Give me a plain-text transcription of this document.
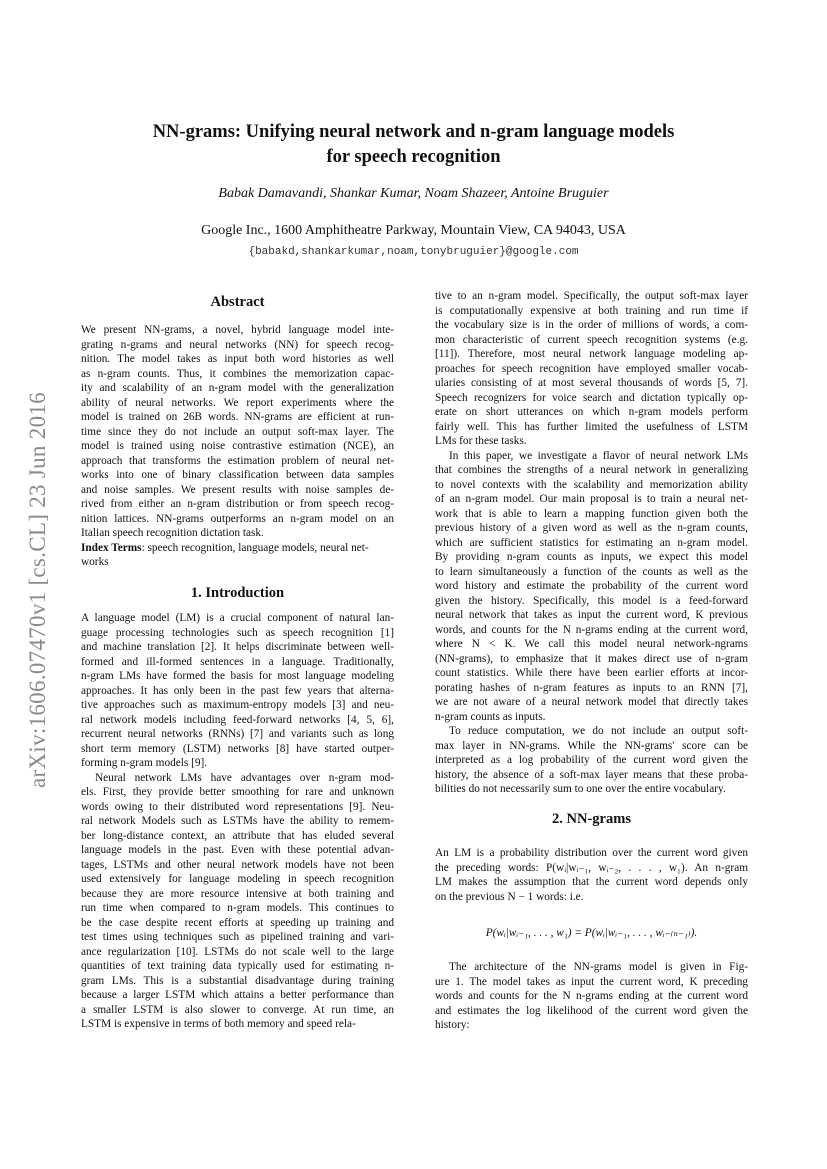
NN-grams: Unifying neural network and n-gram language models
for speech recognition
Babak Damavandi, Shankar Kumar, Noam Shazeer, Antoine Bruguier
Google Inc., 1600 Amphitheatre Parkway, Mountain View, CA 94043, USA
{babakd,shankarkumar,noam,tonybruguier}@google.com
arXiv:1606.07470v1 [cs.CL] 23 Jun 2016
Abstract
We present NN-grams, a novel, hybrid language model inte-
grating n-grams and neural networks (NN) for speech recog-
nition. The model takes as input both word histories as well
as n-gram counts. Thus, it combines the memorization capac-
ity and scalability of an n-gram model with the generalization
ability of neural networks. We report experiments where the
model is trained on 26B words. NN-grams are efficient at run-
time since they do not include an output soft-max layer. The
model is trained using noise contrastive estimation (NCE), an
approach that transforms the estimation problem of neural net-
works into one of binary classification between data samples
and noise samples. We present results with noise samples de-
rived from either an n-gram distribution or from speech recog-
nition lattices. NN-grams outperforms an n-gram model on an
Italian speech recognition dictation task.
Index Terms: speech recognition, language models, neural net-
works
1. Introduction
A language model (LM) is a crucial component of natural lan-
guage processing technologies such as speech recognition [1]
and machine translation [2]. It helps discriminate between well-
formed and ill-formed sentences in a language. Traditionally,
n-gram LMs have formed the basis for most language modeling
approaches. It has only been in the past few years that alterna-
tive approaches such as maximum-entropy models [3] and neu-
ral network models including feed-forward networks [4, 5, 6],
recurrent neural networks (RNNs) [7] and variants such as long
short term memory (LSTM) networks [8] have started outper-
forming n-gram models [9].
Neural network LMs have advantages over n-gram mod-
els. First, they provide better smoothing for rare and unknown
words owing to their distributed word representations [9]. Neu-
ral network Models such as LSTMs have the ability to remem-
ber long-distance context, an attribute that has eluded several
language models in the past. Even with these potential advan-
tages, LSTMs and other neural network models have not been
used extensively for language modeling in speech recognition
because they are more resource intensive at both training and
run time when compared to n-gram models. This continues to
be the case despite recent efforts at speeding up training and
test times using techniques such as pipelined training and vari-
ance regularization [10]. LSTMs do not scale well to the large
quantities of text training data typically used for estimating n-
gram LMs. This is a substantial disadvantage during training
because a larger LSTM which attains a better performance than
a smaller LSTM is also slower to converge. At run time, an
LSTM is expensive in terms of both memory and speed rela-
tive to an n-gram model. Specifically, the output soft-max layer
is computationally expensive at both training and run time if
the vocabulary size is in the order of millions of words, a com-
mon characteristic of current speech recognition systems (e.g.
[11]). Therefore, most neural network language modeling ap-
proaches for speech recognition have employed smaller vocab-
ularies consisting of at most several thousands of words [5, 7].
Speech recognizers for voice search and dictation typically op-
erate on short utterances on which n-gram models perform
fairly well. This has further limited the usefulness of LSTM
LMs for these tasks.
In this paper, we investigate a flavor of neural network LMs
that combines the strengths of a neural network in generalizing
to novel contexts with the scalability and memorization ability
of an n-gram model. Our main proposal is to train a neural net-
work that is able to learn a mapping function given both the
previous history of a given word as well as the n-gram counts,
which are sufficient statistics for estimating an n-gram model.
By providing n-gram counts as inputs, we expect this model
to learn simultaneously a function of the counts as well as the
word history and estimate the probability of the current word
given the history. Specifically, this model is a feed-forward
neural network that takes as input the current word, K previous
words, and counts for the N n-grams ending at the current word,
where N < K. We call this model neural network-ngrams
(NN-grams), to emphasize that it makes direct use of n-gram
count statistics. While there have been earlier efforts at incor-
porating hashes of n-gram features as inputs to an RNN [7],
we are not aware of a neural network model that directly takes
n-gram counts as inputs.
To reduce computation, we do not include an output soft-
max layer in NN-grams. While the NN-grams' score can be
interpreted as a log probability of the current word given the
history, the absence of a soft-max layer means that these proba-
bilities do not necessarily sum to one over the entire vocabulary.
2. NN-grams
An LM is a probability distribution over the current word given
the preceding words: P(wᵢ|wᵢ₋₁, wᵢ₋₂, . . . , w₁). An n-gram
LM makes the assumption that the current word depends only
on the previous N − 1 words: i.e.
P(wᵢ|wᵢ₋₁, . . . , w₁) = P(wᵢ|wᵢ₋₁, . . . , wᵢ₋₍ₙ₋₁₎).
The architecture of the NN-grams model is given in Fig-
ure 1. The model takes as input the current word, K preceding
words and counts for the N n-grams ending at the current word
and estimates the log likelihood of the current word given the
history:
